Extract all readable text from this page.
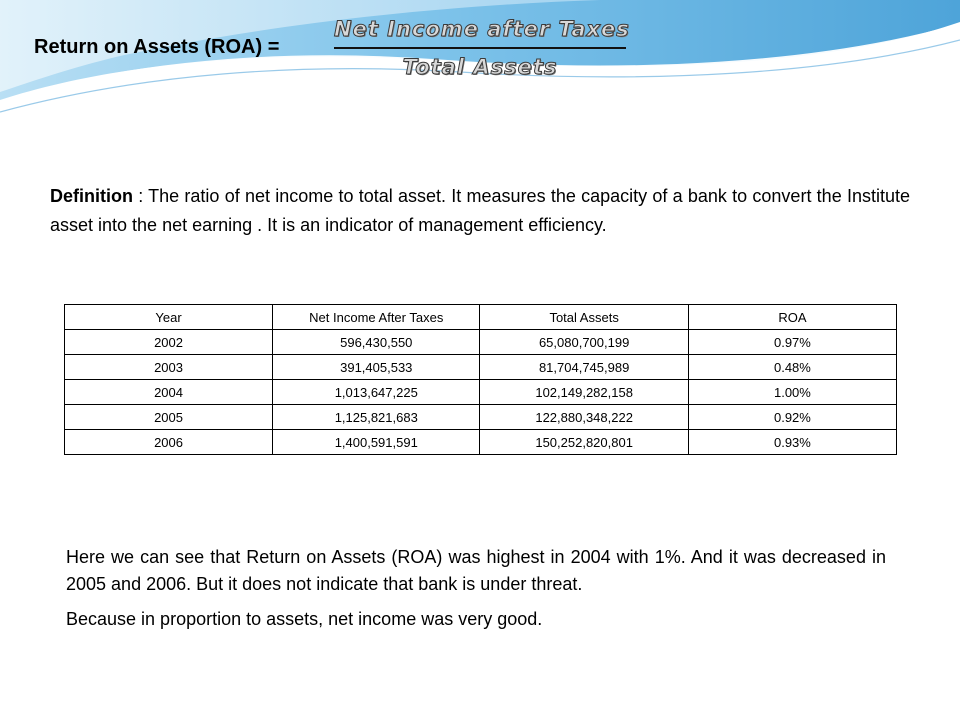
Return on Assets (ROA) =
Net Income after Taxes
Total Assets
Definition : The ratio of net income to total asset. It measures the capacity of a bank to convert the Institute asset into the net earning . It is an indicator of management efficiency.
Year	Net Income After Taxes	Total Assets	ROA
2002	596,430,550	65,080,700,199	0.97%
2003	391,405,533	81,704,745,989	0.48%
2004	1,013,647,225	102,149,282,158	1.00%
2005	1,125,821,683	122,880,348,222	0.92%
2006	1,400,591,591	150,252,820,801	0.93%

Here we can see that Return on Assets (ROA) was highest in 2004 with 1%. And it was decreased in 2005 and 2006. But it does not indicate that bank is under threat.

Because in proportion to assets, net income was very good.
